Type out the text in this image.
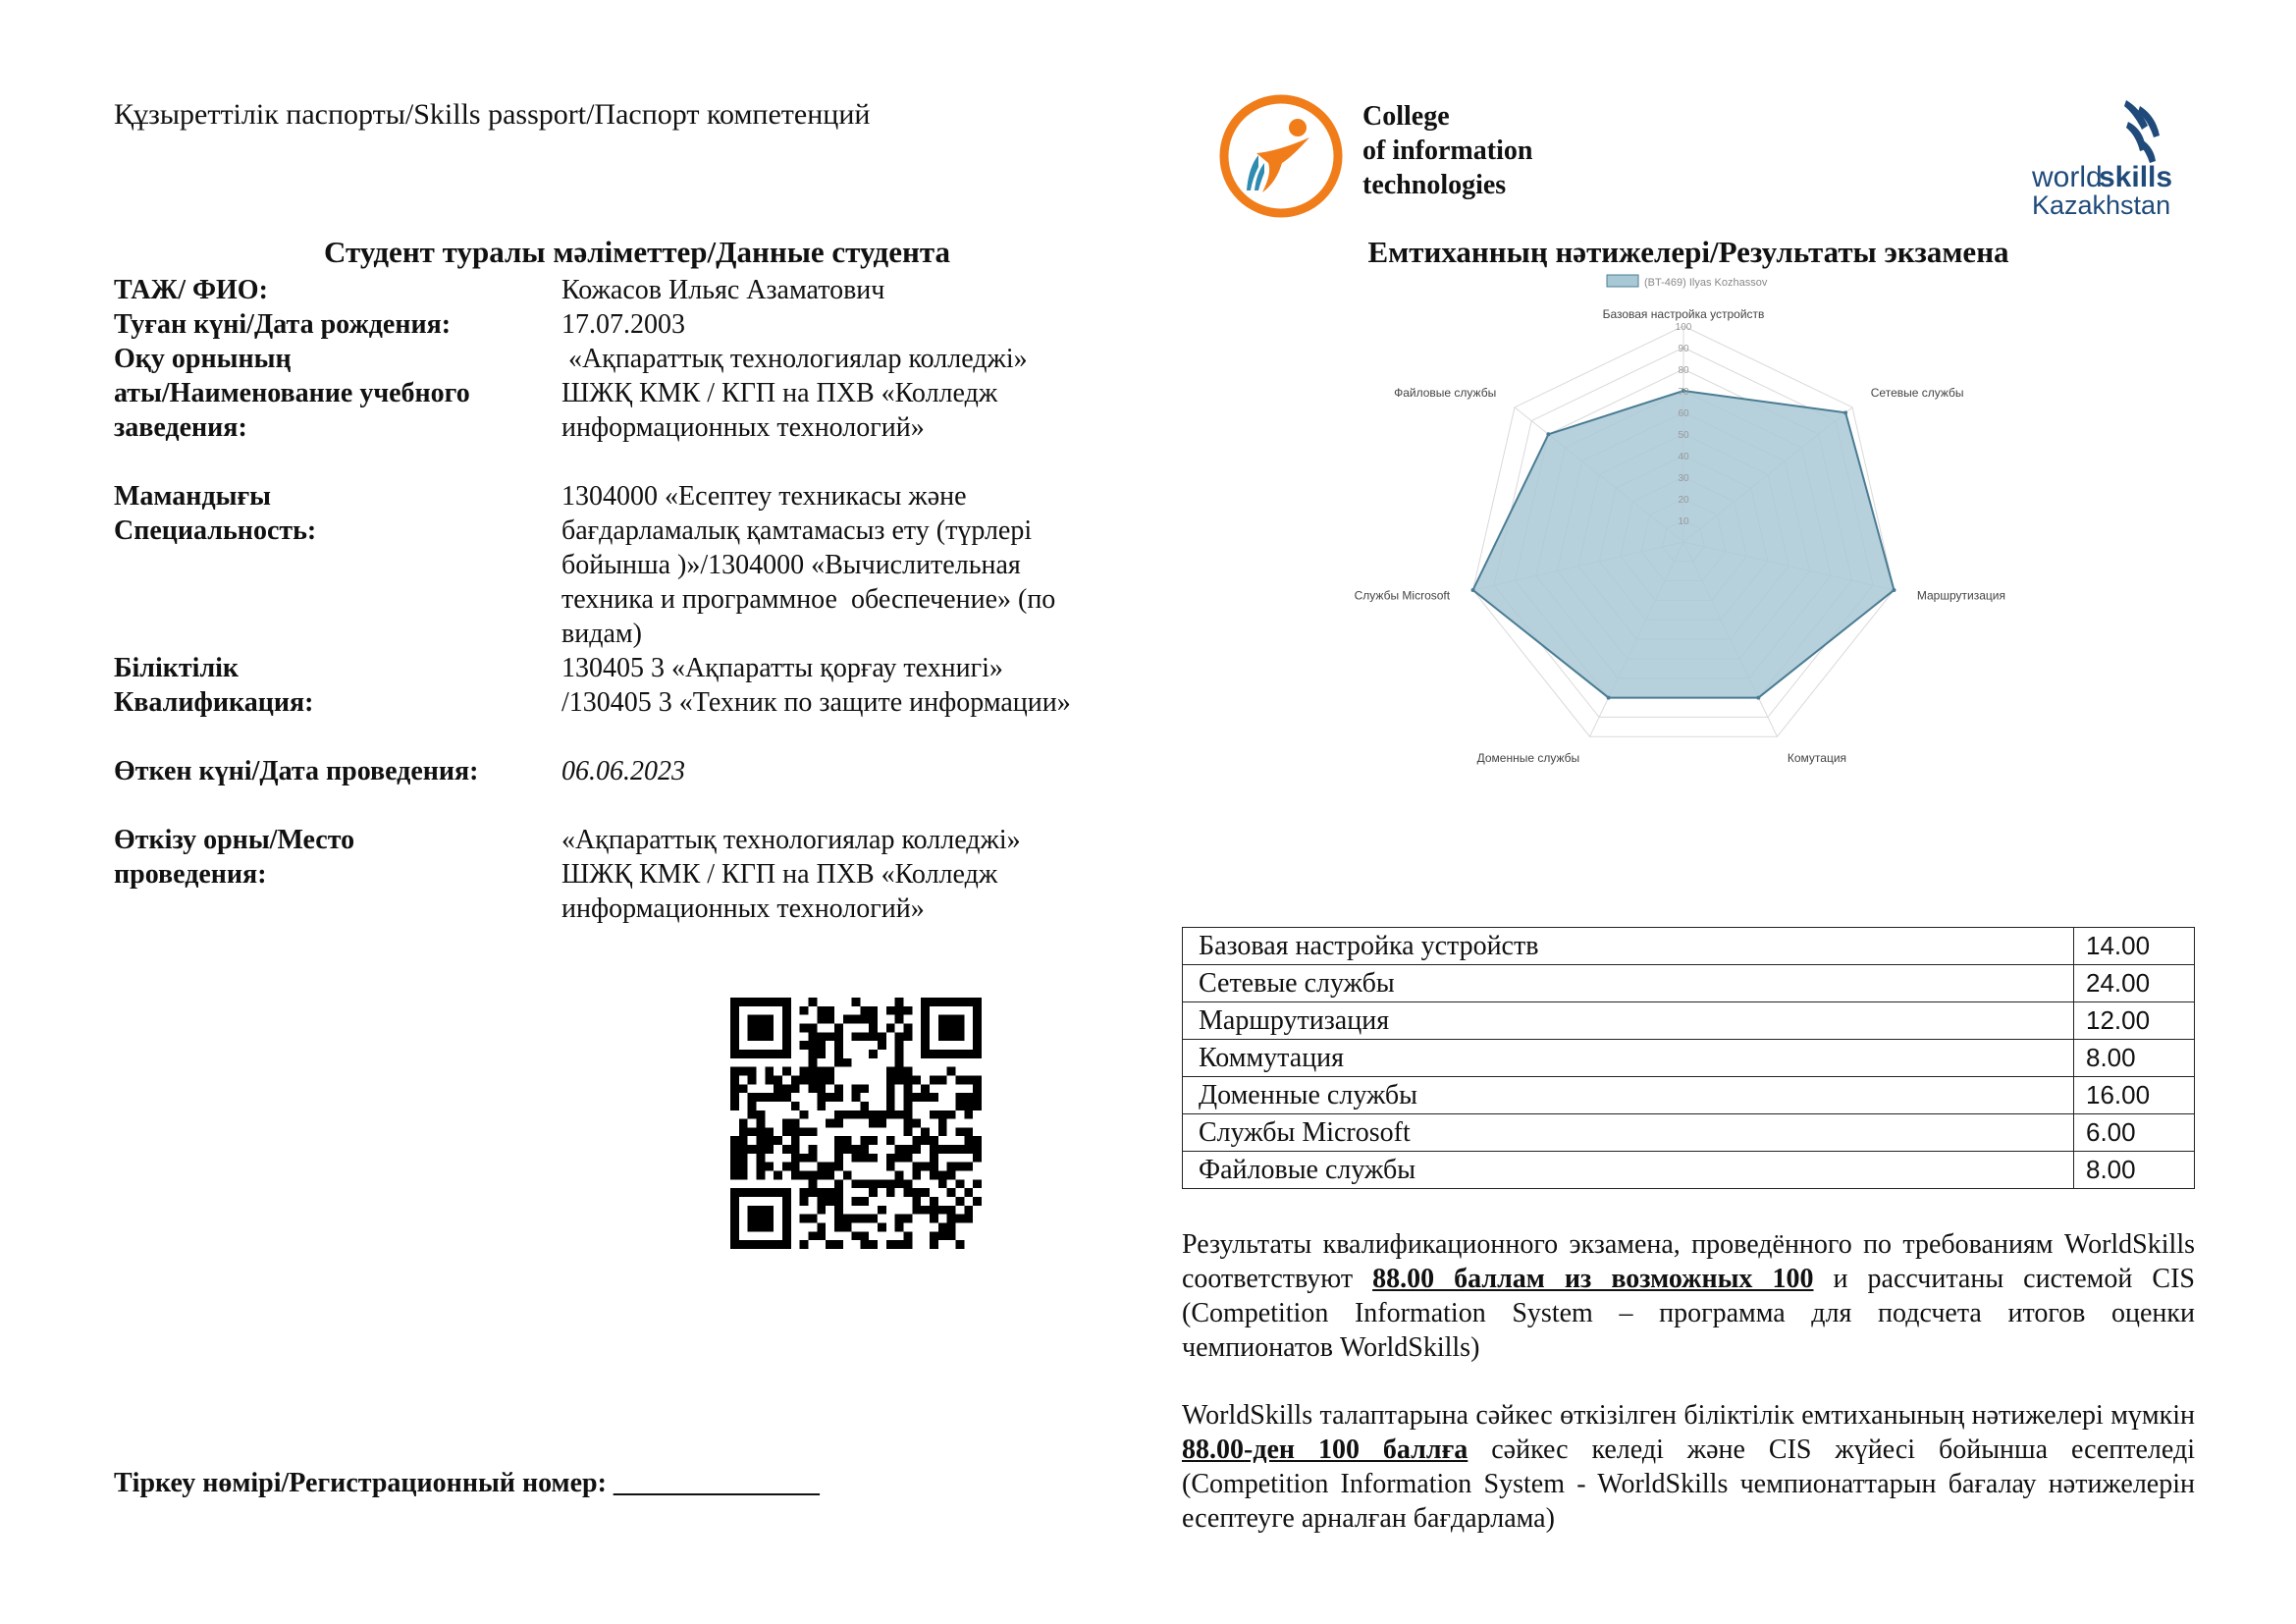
Құзыреттілік паспорты/Skills passport/Паспорт компетенций	College
of information
technologies	world
skills
Kazakhstan
Студент туралы мәліметтер/Данные студента	Емтиханның нәтижелері/Результаты экзамена
ТАЖ/ ФИО:	Кожасов Ильяс Азаматович
Туған күні/Дата рождения:	17.07.2003
Оқу орнының
аты/Наименование учебного
заведения:
«Ақпараттық технологиялар колледжі»
ШЖҚ КМК / КГП на ПХВ «Колледж
информационных технологий»
Мамандығы
Специальность:
1304000 «Есептеу техникасы және
бағдарламалық қамтамасыз ету (түрлері
бойынша )»/1304000 «Вычислительная
техника и программное  обеспечение» (по
видам)
Біліктілік
Квалификация:
130405 3 «Ақпаратты қорғау технигі»
/130405 3 «Техник по защите информации»
Өткен күні/Дата проведения:	06.06.2023
Өткізу орны/Место
проведения:
«Ақпараттық технологиялар колледжі»
ШЖҚ КМК / КГП на ПХВ «Колледж
информационных технологий»
Тіркеу нөмірі/Регистрационный номер: _______________
(BT-469) Ilyas Kozhassov
10
20
30
40
50
60
70
80
90
100
Базовая настройка устройств
Сетевые службы
Маршрутизация
Комутация
Доменные службы
Службы Microsoft
Файловые службы
Базовая настройка устройств	14.00
Сетевые службы	24.00
Маршрутизация	12.00
Коммутация	8.00
Доменные службы	16.00
Службы Microsoft	6.00
Файловые службы	8.00
Результаты квалификационного экзамена, проведённого по требованиям WorldSkills соответствуют 88.00 баллам из возможных 100 и рассчитаны системой CIS (Competition Information System – программа для подсчета итогов оценки чемпионатов WorldSkills)
WorldSkills талаптарына сәйкес өткізілген біліктілік емтиханының нәтижелері мүмкін 88.00-ден 100 баллға сәйкес келеді және CIS жүйесі бойынша есептеледі (Competition Information System - WorldSkills чемпионаттарын бағалау нәтижелерін есептеуге арналған бағдарлама)
